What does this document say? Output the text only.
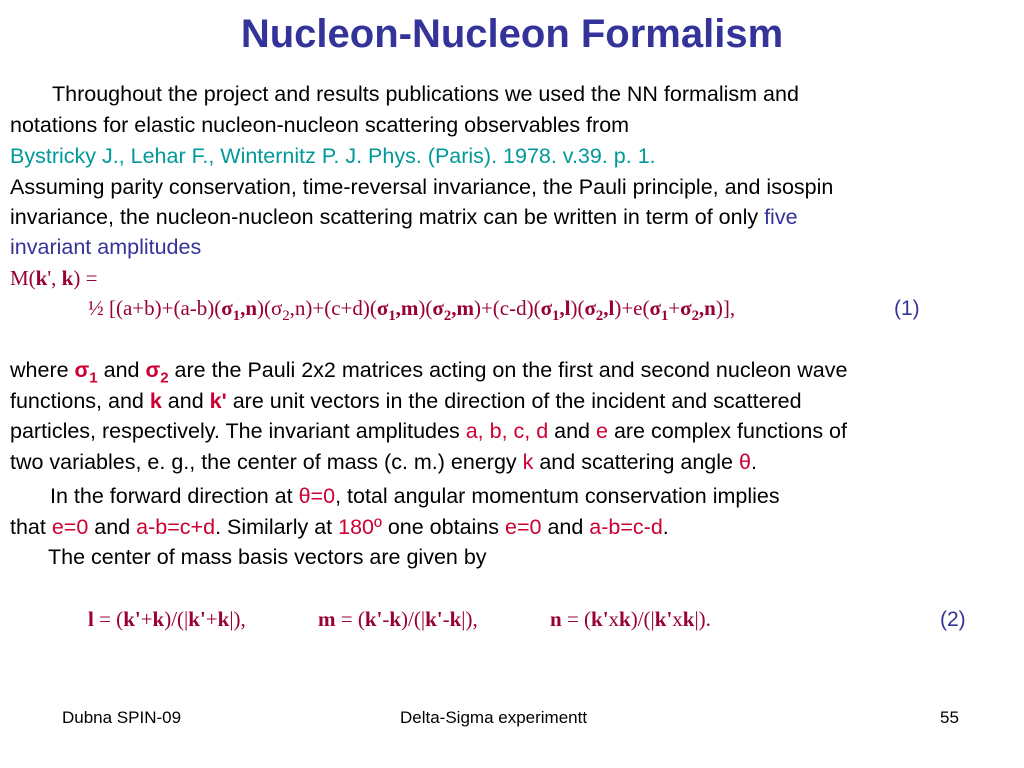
Nucleon-Nucleon Formalism
Throughout the project and results publications we used the NN formalism and
notations for elastic nucleon-nucleon scattering observables from
Bystricky J., Lehar F., Winternitz P. J. Phys. (Paris). 1978. v.39. p. 1.
Assuming parity conservation, time-reversal invariance, the Pauli principle, and isospin
invariance, the nucleon-nucleon scattering matrix can be written in term of only five
invariant amplitudes
M(k', k) =
½ $[(a+b)+(a-b)(\sigma_1,n)(\sigma_2,n)+(c+d)(\sigma_1,m)(\sigma_2,m)+(c-d)(\sigma_1,l)(\sigma_2,l)+e(\sigma_1+\sigma_2,n)]$,	(1)
where $\sigma_1$ and $\sigma_2$ are the Pauli 2x2 matrices acting on the first and second nucleon wave
functions, and k and k' are unit vectors in the direction of the incident and scattered
particles, respectively. The invariant amplitudes a, b, c, d and e are complex functions of
two variables, e. g., the center of mass (c. m.) energy k and scattering angle θ.
In the forward direction at θ=0, total angular momentum conservation implies
that e=0 and a-b=c+d. Similarly at 180º one obtains e=0 and a-b=c-d.
The center of mass basis vectors are given by
l = (k'+k)/(|k'+k|),	m = (k'-k)/(|k'-k|),	n = (k'xk)/(|k'xk|).	(2)
Dubna SPIN-09	Delta-Sigma experimentt	55
